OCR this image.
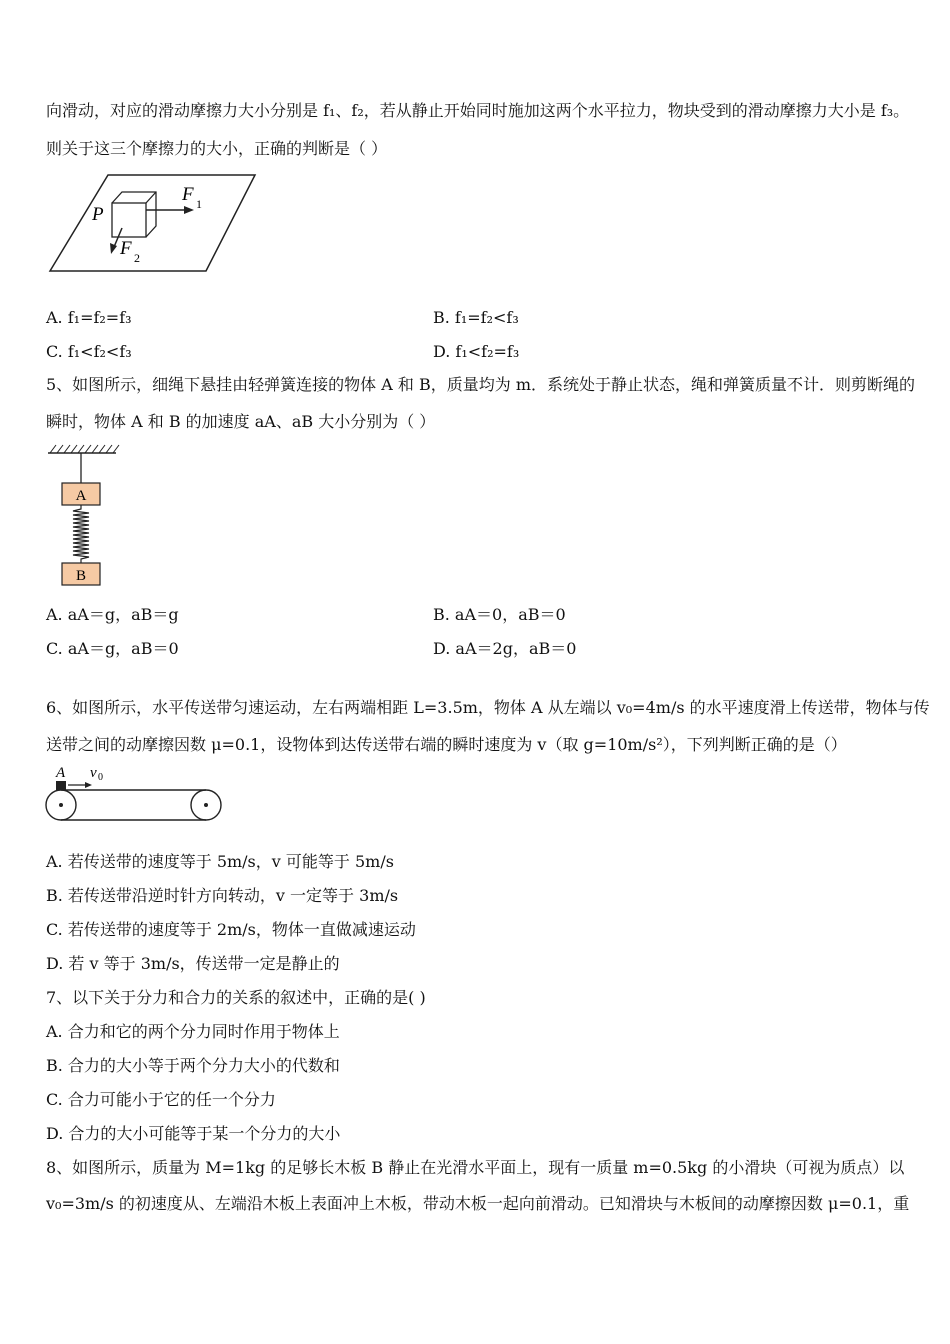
向滑动，对应的滑动摩擦力大小分别是 f₁、f₂，若从静止开始同时施加这两个水平拉力，物块受到的滑动摩擦力大小是 f₃。
则关于这三个摩擦力的大小，正确的判断是（ ）
P
F 1
F 2
A. f₁=f₂=f₃	B. f₁=f₂<f₃
C. f₁<f₂<f₃	D. f₁<f₂=f₃
5、如图所示，细绳下悬挂由轻弹簧连接的物体 A 和 B，质量均为 m．系统处于静止状态，绳和弹簧质量不计．则剪断绳的
瞬时，物体 A 和 B 的加速度 aA、aB 大小分别为（ ）
A
B
A. aA＝g，aB＝g	B. aA＝0，aB＝0
C. aA＝g，aB＝0	D. aA＝2g，aB＝0
6、如图所示，水平传送带匀速运动，左右两端相距 L=3.5m，物体 A 从左端以 v₀=4m/s 的水平速度滑上传送带，物体与传
送带之间的动摩擦因数 μ=0.1，设物体到达传送带右端的瞬时速度为 v（取 g=10m/s²），下列判断正确的是（）
A v 0
A. 若传送带的速度等于 5m/s，v 可能等于 5m/s
B. 若传送带沿逆时针方向转动，v 一定等于 3m/s
C. 若传送带的速度等于 2m/s，物体一直做减速运动
D. 若 v 等于 3m/s，传送带一定是静止的
7、以下关于分力和合力的关系的叙述中，正确的是( )
A. 合力和它的两个分力同时作用于物体上
B. 合力的大小等于两个分力大小的代数和
C. 合力可能小于它的任一个分力
D. 合力的大小可能等于某一个分力的大小
8、如图所示，质量为 M=1kg 的足够长木板 B 静止在光滑水平面上，现有一质量 m=0.5kg 的小滑块（可视为质点）以
v₀=3m/s 的初速度从、左端沿木板上表面冲上木板，带动木板一起向前滑动。已知滑块与木板间的动摩擦因数 μ=0.1，重
